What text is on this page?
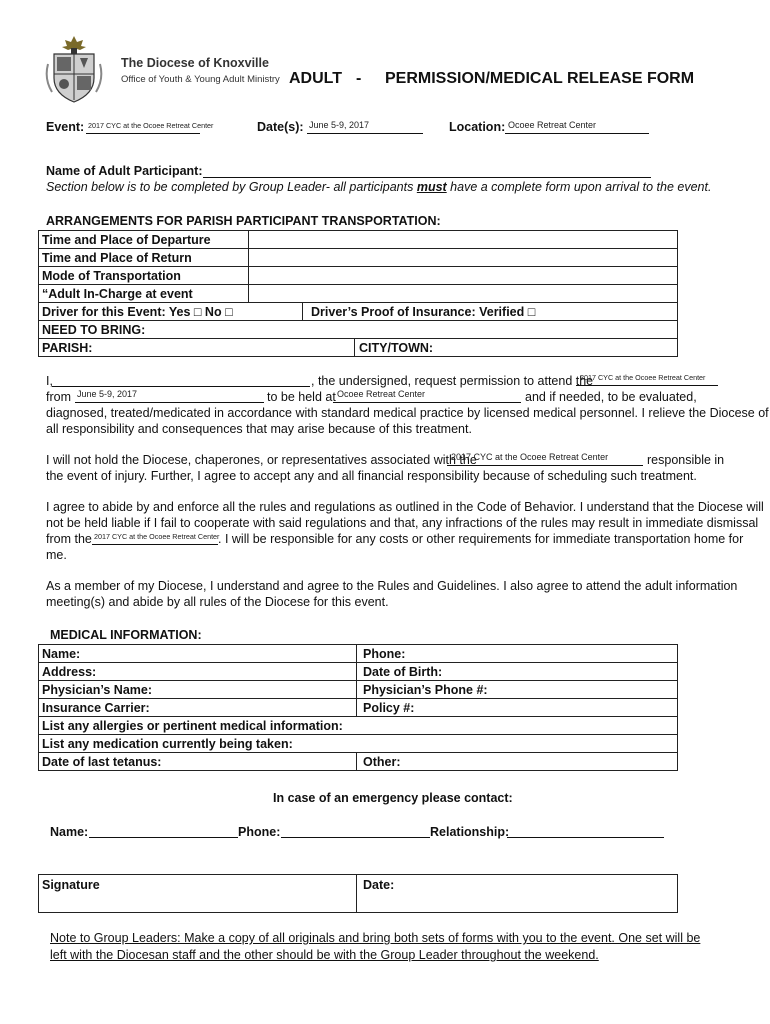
The Diocese of Knoxville
Office of Youth & Young Adult Ministry ADULT - PERMISSION/MEDICAL RELEASE FORM
Event: 2017 CYC at the Ocoee Retreat Center	Date(s): June 5-9, 2017	Location: Ocoee Retreat Center
Name of Adult Participant:
Section below is to be completed by Group Leader- all participants must have a complete form upon arrival to the event.
ARRANGEMENTS FOR PARISH PARTICIPANT TRANSPORTATION:
Time and Place of Departure			
Time and Place of Return			
Mode of Transportation			
“Adult In-Charge at event			
Driver for this Event: Yes □ No □		Driver’s Proof of Insurance: Verified □	
NEED TO BRING:			
PARISH:			CITY/TOWN:
I,	, the undersigned, request permission to attend the
2017 CYC at the Ocoee Retreat Center
from June 5-9, 2017	to be held at Ocoee Retreat Center	and if needed, to be evaluated,
diagnosed, treated/medicated in accordance with standard medical practice by licensed medical personnel. I relieve the Diocese of
all responsibility and consequences that may arise because of this treatment.
I will not hold the Diocese, chaperones, or representatives associated with the
2017 CYC at the Ocoee Retreat Center	responsible in
the event of injury. Further, I agree to accept any and all financial responsibility because of scheduling such treatment.
I agree to abide by and enforce all the rules and regulations as outlined in the Code of Behavior. I understand that the Diocese will
not be held liable if I fail to cooperate with said regulations and that, any infractions of the rules may result in immediate dismissal
from the 2017 CYC at the Ocoee Retreat Center
. I will be responsible for any costs or other requirements for immediate transportation home for
me.
As a member of my Diocese, I understand and agree to the Rules and Guidelines. I also agree to attend the adult information
meeting(s) and abide by all rules of the Diocese for this event.
MEDICAL INFORMATION:
Name:	Phone:
Address:	Date of Birth:
Physician’s Name:	Physician’s Phone #:
Insurance Carrier:	Policy #:
List any allergies or pertinent medical information:	
List any medication currently being taken:	
Date of last tetanus:	Other:
In case of an emergency please contact:
Name:	Phone:	Relationship:
Signature	Date:
Note to Group Leaders: Make a copy of all originals and bring both sets of forms with you to the event. One set will be
left with the Diocesan staff and the other should be with the Group Leader throughout the weekend.
